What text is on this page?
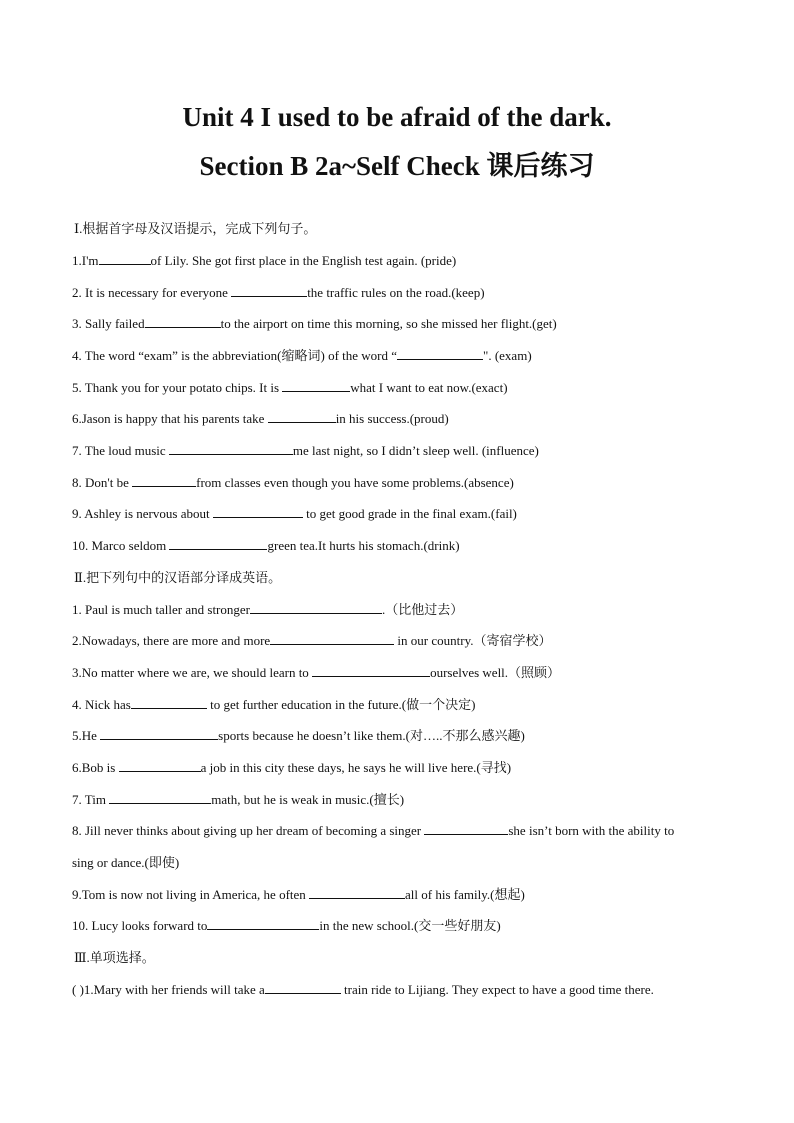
Unit 4 I used to be afraid of the dark.
Section B 2a~Self Check 课后练习
Ⅰ.根据首字母及汉语提示，完成下列句子。
1.I'm	of Lily. She got first place in the English test again. (pride)
2. It is necessary for everyone	the traffic rules on the road.(keep)
3. Sally failed	to the airport on time this morning, so she missed her flight.(get)
4. The word “exam” is the abbreviation(缩略词) of the word “	". (exam)
5. Thank you for your potato chips. It is	what I want to eat now.(exact)
6.Jason is happy that his parents take	in his success.(proud)
7. The loud music	me last night, so I didn’t sleep well. (influence)
8. Don't be	from classes even though you have some problems.(absence)
9. Ashley is nervous about	to get good grade in the final exam.(fail)
10. Marco seldom	green tea.It hurts his stomach.(drink)
Ⅱ.把下列句中的汉语部分译成英语。
1. Paul is much taller and stronger	.（比他过去）
2.Nowadays, there are more and more	in our country.（寄宿学校）
3.No matter where we are, we should learn to	ourselves well.（照顾）
4. Nick has	to get further education in the future.(做一个决定)
5.He	sports because he doesn’t like them.(对…..不那么感兴趣)
6.Bob is	a job in this city these days, he says he will live here.(寻找)
7. Tim	math, but he is weak in music.(擅长)
8. Jill never thinks about giving up her dream of becoming a singer	she isn’t born with the ability to
sing or dance.(即使)
9.Tom is now not living in America, he often	all of his family.(想起)
10. Lucy looks forward to	in the new school.(交一些好朋友)
Ⅲ.单项选择。
( )1.Mary with her friends will take a	train ride to Lijiang. They expect to have a good time there.
